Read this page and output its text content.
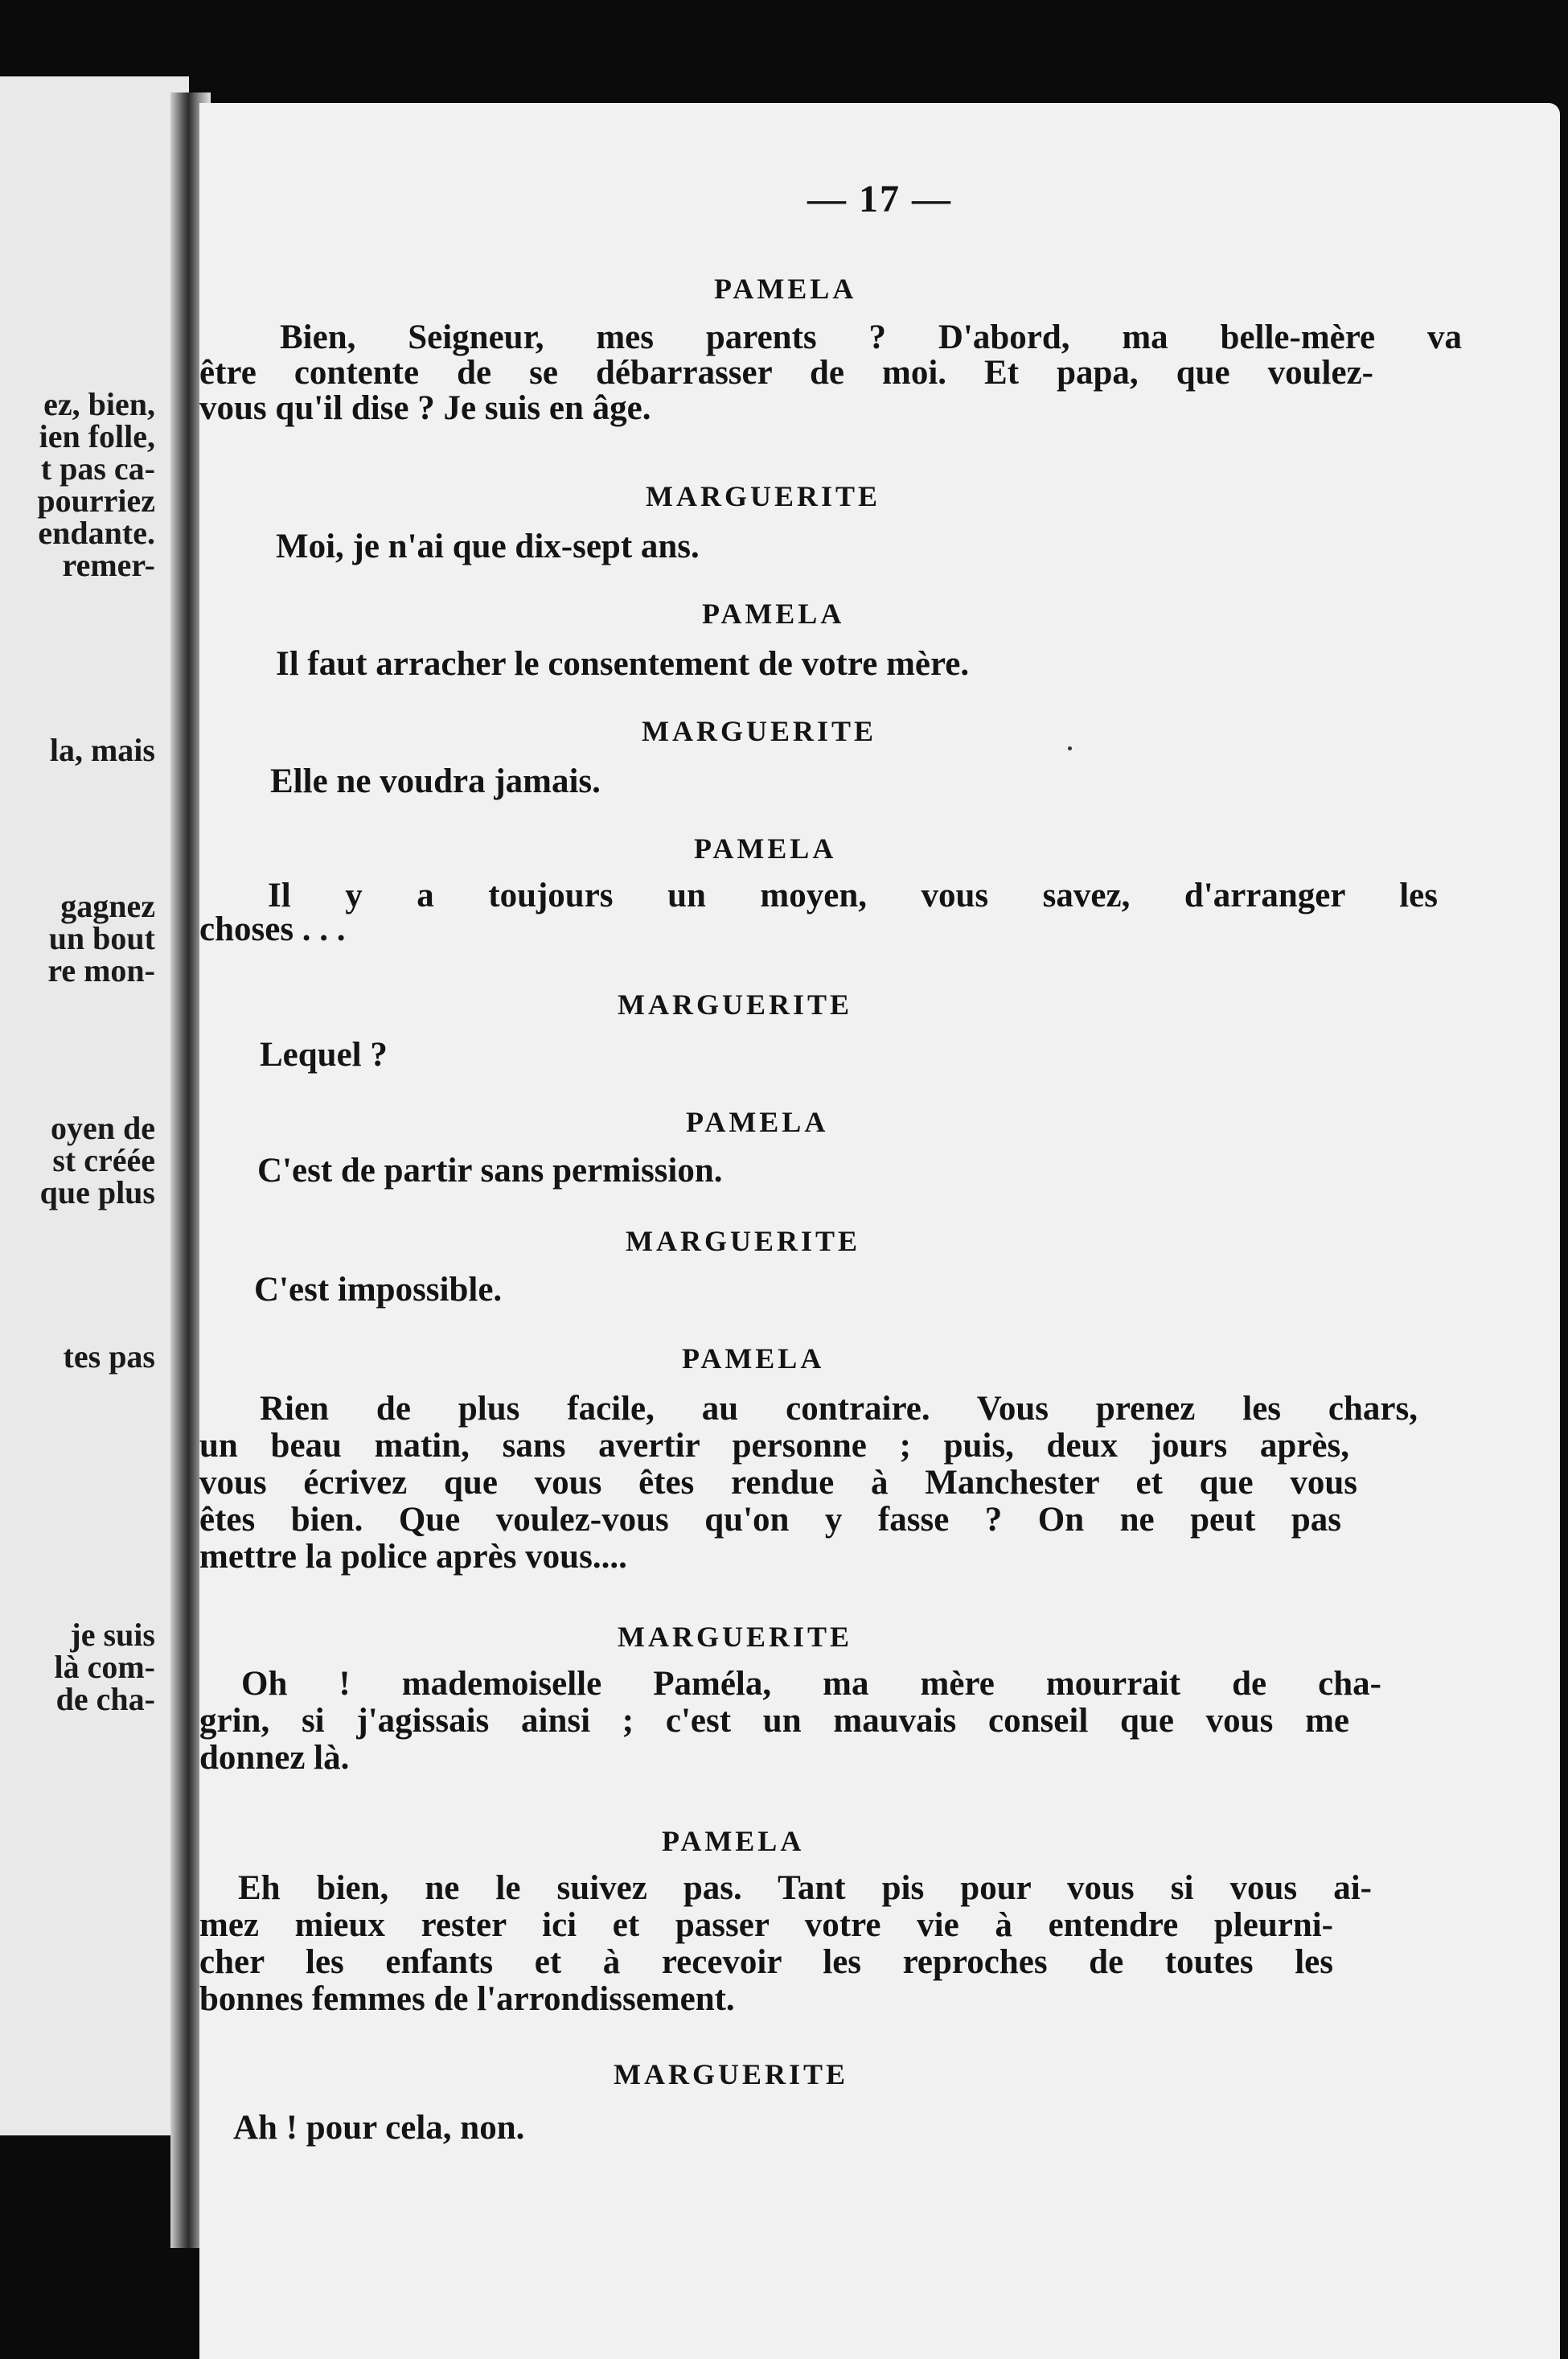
ez, bien,
ien folle,
t pas ca-
pourriez
endante.
remer-
la, mais
gagnez
un bout
re mon-
oyen de
st créée
que plus
tes pas
je suis
là com-
de cha-
— 17 —
PAMELA
Bien, Seigneur, mes parents ? D'abord, ma belle-mère va
être contente de se débarrasser de moi. Et papa, que voulez-
vous qu'il dise ? Je suis en âge.
MARGUERITE
Moi, je n'ai que dix-sept ans.
PAMELA
Il faut arracher le consentement de votre mère.
MARGUERITE
Elle ne voudra jamais.
PAMELA
Il y a toujours un moyen, vous savez, d'arranger les
choses . . .
MARGUERITE
Lequel ?
PAMELA
C'est de partir sans permission.
MARGUERITE
C'est impossible.
PAMELA
Rien de plus facile, au contraire. Vous prenez les chars,
un beau matin, sans avertir personne ; puis, deux jours après,
vous écrivez que vous êtes rendue à Manchester et que vous
êtes bien. Que voulez-vous qu'on y fasse ? On ne peut pas
mettre la police après vous....
MARGUERITE
Oh ! mademoiselle Paméla, ma mère mourrait de cha-
grin, si j'agissais ainsi ; c'est un mauvais conseil que vous me
donnez là.
PAMELA
Eh bien, ne le suivez pas. Tant pis pour vous si vous ai-
mez mieux rester ici et passer votre vie à entendre pleurni-
cher les enfants et à recevoir les reproches de toutes les
bonnes femmes de l'arrondissement.
MARGUERITE
Ah ! pour cela, non.
